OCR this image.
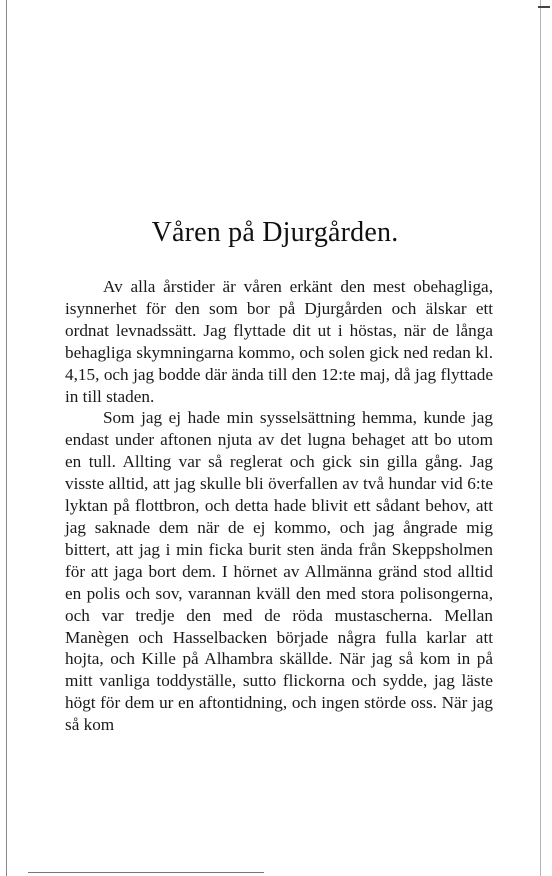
Våren på Djurgården.

Av alla årstider är våren erkänt den mest obehagliga, isynnerhet för den som bor på Djurgården och älskar ett ordnat levnadssätt. Jag flyttade dit ut i höstas, när de långa behagliga skymningarna kommo, och solen gick ned redan kl. 4,15, och jag bodde där ända till den 12:te maj, då jag flyttade in till staden.

Som jag ej hade min sysselsättning hemma, kunde jag endast under aftonen njuta av det lugna behaget att bo utom en tull. Allting var så reglerat och gick sin gilla gång. Jag visste alltid, att jag skulle bli överfallen av två hundar vid 6:te lyktan på flottbron, och detta hade blivit ett sådant behov, att jag saknade dem när de ej kommo, och jag ångrade mig bittert, att jag i min ficka burit sten ända från Skeppsholmen för att jaga bort dem. I hörnet av Allmänna gränd stod alltid en polis och sov, varannan kväll den med stora polisongerna, och var tredje den med de röda mustascherna. Mellan Manègen och Hasselbacken började några fulla karlar att hojta, och Kille på Alhambra skällde. När jag så kom in på mitt vanliga toddyställe, sutto flickorna och sydde, jag läste högt för dem ur en aftontidning, och ingen störde oss. När jag så kom
